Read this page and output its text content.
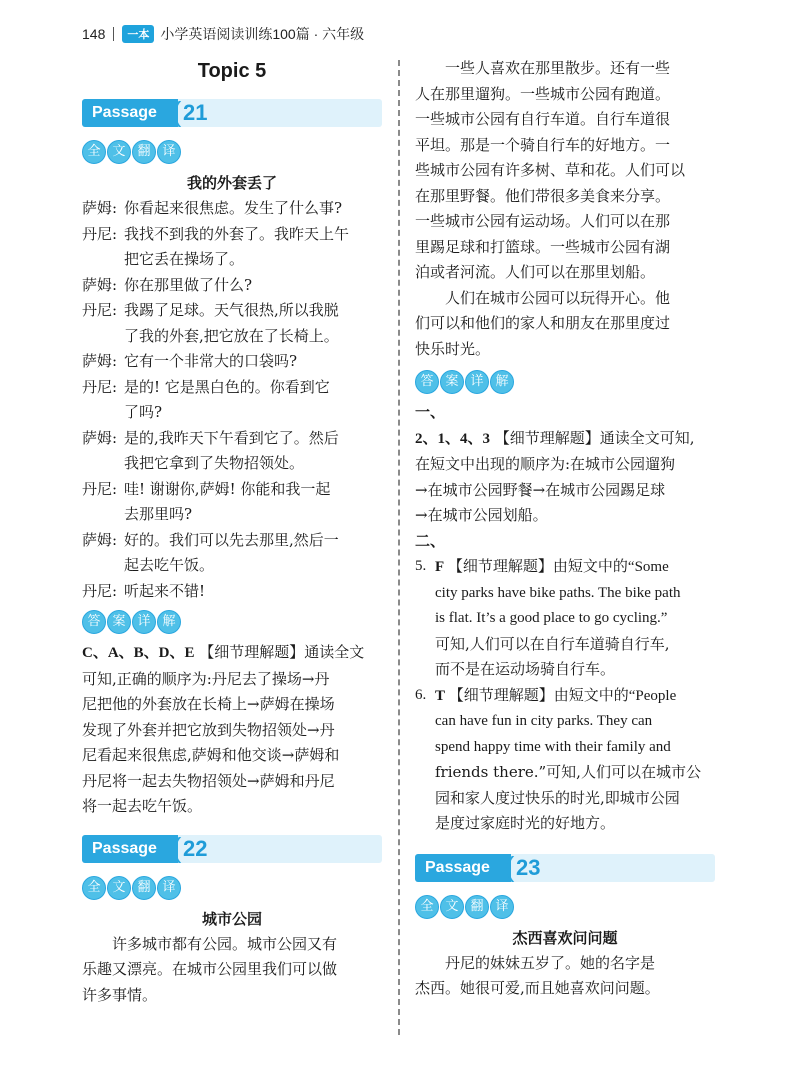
148	一本 小学英语阅读训练100篇 · 六年级
Topic 5
Passage ( 21
全 文 翻 译
我的外套丢了
萨姆: 你看起来很焦虑。发生了什么事?
丹尼: 我找不到我的外套了。我昨天上午
把它丢在操场了。
萨姆: 你在那里做了什么?
丹尼: 我踢了足球。天气很热,所以我脱
了我的外套,把它放在了长椅上。
萨姆: 它有一个非常大的口袋吗?
丹尼: 是的! 它是黑白色的。你看到它
了吗?
萨姆: 是的,我昨天下午看到它了。然后
我把它拿到了失物招领处。
丹尼: 哇! 谢谢你,萨姆! 你能和我一起
去那里吗?
萨姆: 好的。我们可以先去那里,然后一
起去吃午饭。
丹尼: 听起来不错!
答 案 详 解
C、A、B、D、E 【细节理解题】通读全文
可知,正确的顺序为:丹尼去了操场→丹
尼把他的外套放在长椅上→萨姆在操场
发现了外套并把它放到失物招领处→丹
尼看起来很焦虑,萨姆和他交谈→萨姆和
丹尼将一起去失物招领处→萨姆和丹尼
将一起去吃午饭。
Passage ( 22
全 文 翻 译
城市公园
　　许多城市都有公园。城市公园又有
乐趣又漂亮。在城市公园里我们可以做
许多事情。
　　一些人喜欢在那里散步。还有一些
人在那里遛狗。一些城市公园有跑道。
一些城市公园有自行车道。自行车道很
平坦。那是一个骑自行车的好地方。一
些城市公园有许多树、草和花。人们可以
在那里野餐。他们带很多美食来分享。
一些城市公园有运动场。人们可以在那
里踢足球和打篮球。一些城市公园有湖
泊或者河流。人们可以在那里划船。
　　人们在城市公园可以玩得开心。他
们可以和他们的家人和朋友在那里度过
快乐时光。
答 案 详 解
一、
2、1、4、3 【细节理解题】通读全文可知,
在短文中出现的顺序为:在城市公园遛狗
→在城市公园野餐→在城市公园踢足球
→在城市公园划船。
二、
5. F 【细节理解题】由短文中的“Some
city parks have bike paths. The bike path
is flat. It’s a good place to go cycling.”
可知,人们可以在自行车道骑自行车,
而不是在运动场骑自行车。
6. T 【细节理解题】由短文中的“People
can have fun in city parks. They can
spend happy time with their family and
friends there.”可知,人们可以在城市公
园和家人度过快乐的时光,即城市公园
是度过家庭时光的好地方。
Passage ( 23
全 文 翻 译
杰西喜欢问问题
　　丹尼的妹妹五岁了。她的名字是
杰西。她很可爱,而且她喜欢问问题。
